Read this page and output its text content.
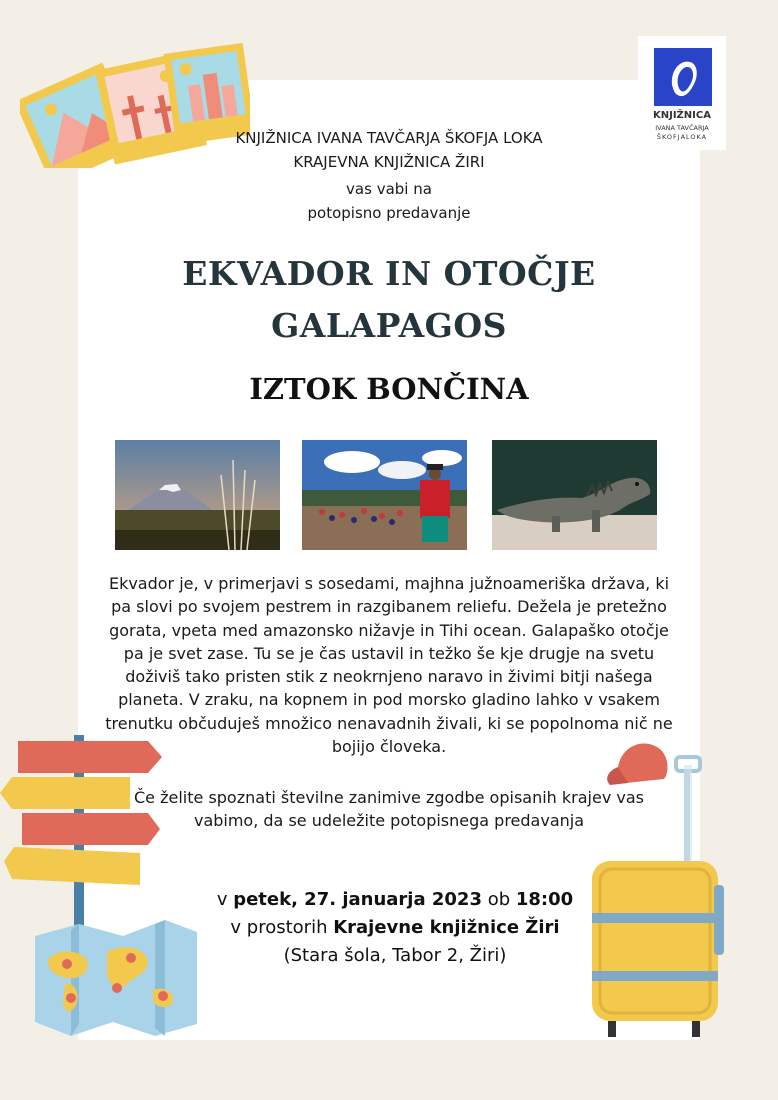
KNJIŽNICA
IVANA TAVČARJA
ŠKOFJALOKA
KNJIŽNICA IVANA TAVČARJA ŠKOFJA LOKA
KRAJEVNA KNJIŽNICA ŽIRI
vas vabi na
potopisno predavanje
EKVADOR IN OTOČJE
GALAPAGOS
IZTOK BONČINA
Ekvador je, v primerjavi s sosedami, majhna južnoameriška država, ki
pa slovi po svojem pestrem in razgibanem reliefu. Dežela je pretežno
gorata, vpeta med amazonsko nižavje in Tihi ocean. Galapaško otočje
pa je svet zase. Tu se je čas ustavil in težko še kje drugje na svetu
doživiš tako pristen stik z neokrnjeno naravo in živimi bitji našega
planeta. V zraku, na kopnem in pod morsko gladino lahko v vsakem
trenutku občuduješ množico nenavadnih živali, ki se popolnoma nič ne
bojijo človeka.
Če želite spoznati številne zanimive zgodbe opisanih krajev vas
vabimo, da se udeležite potopisnega predavanja
v petek, 27. januarja 2023 ob 18:00
v prostorih Krajevne knjižnice Žiri
(Stara šola, Tabor 2, Žiri)
